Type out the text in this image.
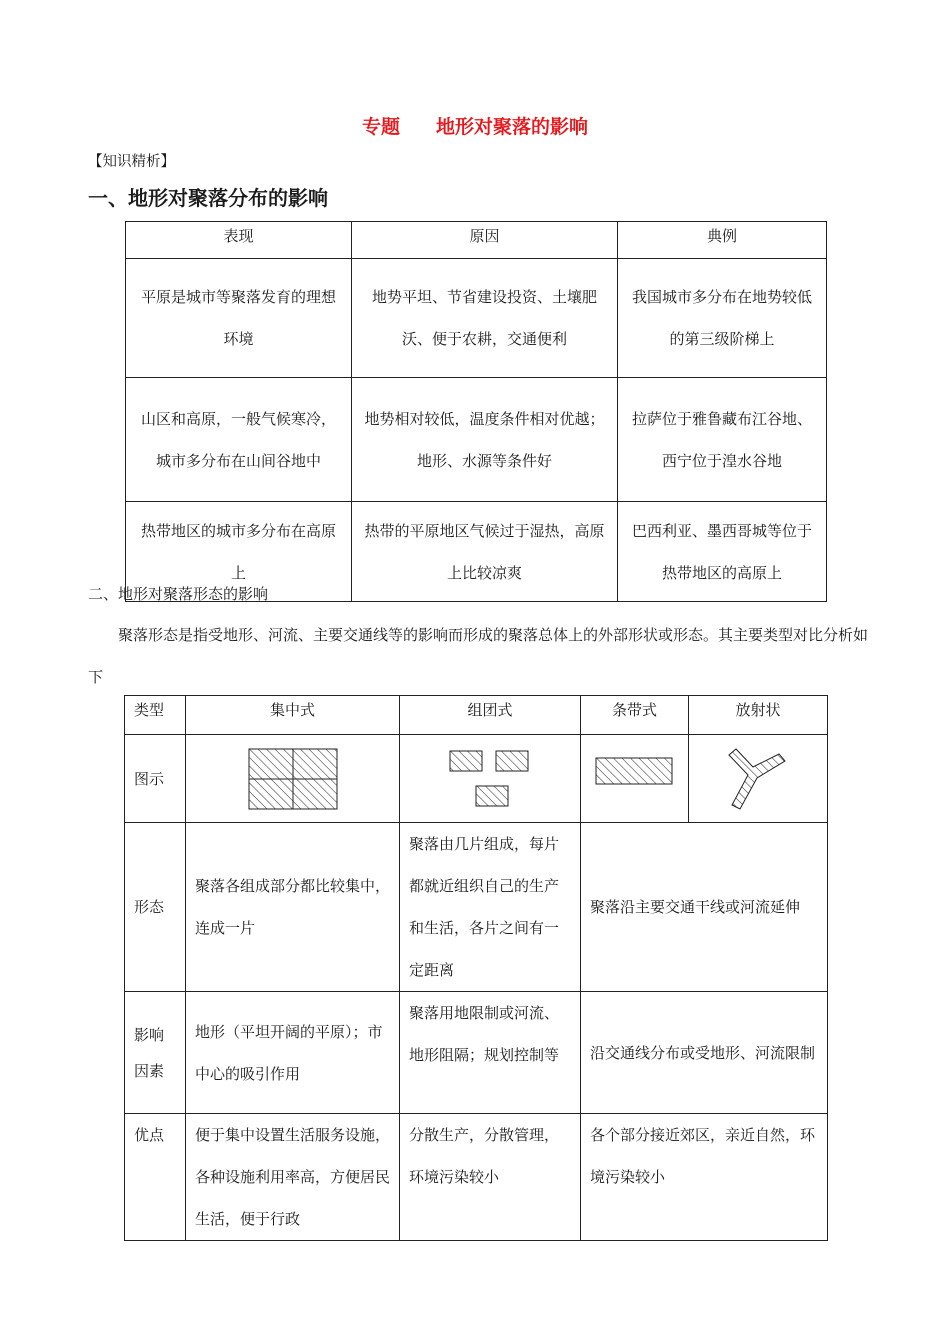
专题 地形对聚落的影响
【知识精析】
一、地形对聚落分布的影响
表现	原因	典例
平原是城市等聚落发育的理想环境	地势平坦、节省建设投资、土壤肥沃、便于农耕，交通便利	我国城市多分布在地势较低的第三级阶梯上
山区和高原，一般气候寒冷，城市多分布在山间谷地中	地势相对较低，温度条件相对优越；地形、水源等条件好	拉萨位于雅鲁藏布江谷地、西宁位于湟水谷地
热带地区的城市多分布在高原上	热带的平原地区气候过于湿热，高原上比较凉爽	巴西利亚、墨西哥城等位于热带地区的高原上
二、地形对聚落形态的影响
聚落形态是指受地形、河流、主要交通线等的影响而形成的聚落总体上的外部形状或形态。其主要类型对比分析如下
类型	集中式	组团式	条带式	放射状
图示	

形态	聚落各组成部分都比较集中，连成一片	聚落由几片组成，每片都就近组织自己的生产和生活，各片之间有一定距离	聚落沿主要交通干线或河流延伸	
影响因素	地形（平坦开阔的平原）；市中心的吸引作用	聚落用地限制或河流、地形阻隔；规划控制等	沿交通线分布或受地形、河流限制	
优点	便于集中设置生活服务设施，各种设施利用率高，方便居民生活，便于行政	分散生产，分散管理，环境污染较小	各个部分接近郊区，亲近自然，环境污染较小	
